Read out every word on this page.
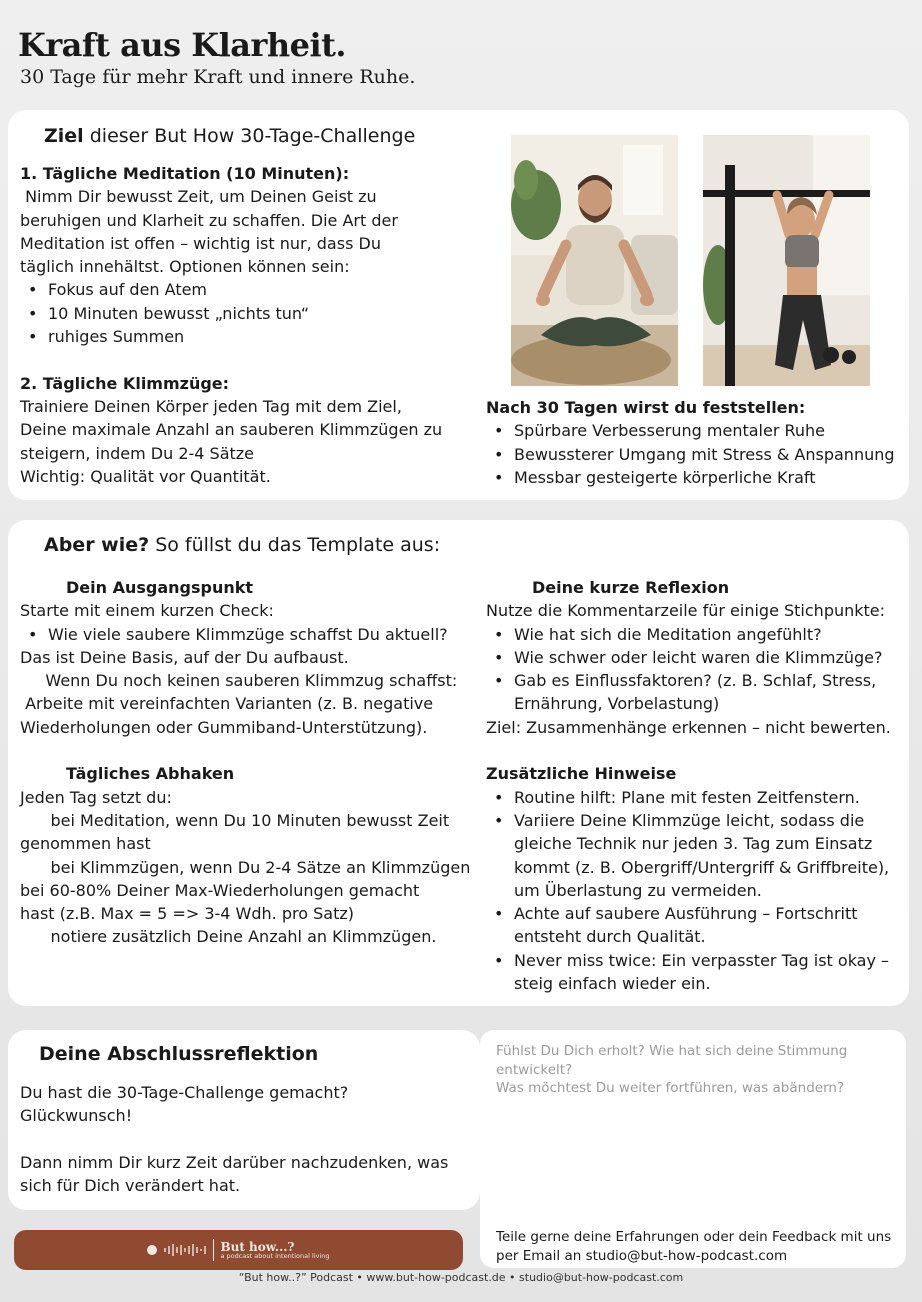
Kraft aus Klarheit.
30 Tage für mehr Kraft und innere Ruhe.
Ziel dieser But How 30-Tage-Challenge
1. Tägliche Meditation (10 Minuten):
Nimm Dir bewusst Zeit, um Deinen Geist zu
beruhigen und Klarheit zu schaffen. Die Art der
Meditation ist offen – wichtig ist nur, dass Du
täglich innehältst. Optionen können sein:
• Fokus auf den Atem
• 10 Minuten bewusst „nichts tun“
• ruhiges Summen
2. Tägliche Klimmzüge:
Trainiere Deinen Körper jeden Tag mit dem Ziel,
Deine maximale Anzahl an sauberen Klimmzügen zu
steigern, indem Du 2-4 Sätze
Wichtig: Qualität vor Quantität.
Nach 30 Tagen wirst du feststellen:
• Spürbare Verbesserung mentaler Ruhe
• Bewussterer Umgang mit Stress & Anspannung
• Messbar gesteigerte körperliche Kraft
Aber wie? So füllst du das Template aus:
Dein Ausgangspunkt
Starte mit einem kurzen Check:
• Wie viele saubere Klimmzüge schaffst Du aktuell?
Das ist Deine Basis, auf der Du aufbaust.
Wenn Du noch keinen sauberen Klimmzug schaffst:
Arbeite mit vereinfachten Varianten (z. B. negative
Wiederholungen oder Gummiband-Unterstützung).
Tägliches Abhaken
Jeden Tag setzt du:
bei Meditation, wenn Du 10 Minuten bewusst Zeit
genommen hast
bei Klimmzügen, wenn Du 2-4 Sätze an Klimmzügen
bei 60-80% Deiner Max-Wiederholungen gemacht
hast (z.B. Max = 5 => 3-4 Wdh. pro Satz)
notiere zusätzlich Deine Anzahl an Klimmzügen.
Deine kurze Reflexion
Nutze die Kommentarzeile für einige Stichpunkte:
• Wie hat sich die Meditation angefühlt?
• Wie schwer oder leicht waren die Klimmzüge?
• Gab es Einflussfaktoren? (z. B. Schlaf, Stress, Ernährung, Vorbelastung)
Ziel: Zusammenhänge erkennen – nicht bewerten.
Zusätzliche Hinweise
• Routine hilft: Plane mit festen Zeitfenstern.
• Variiere Deine Klimmzüge leicht, sodass die gleiche Technik nur jeden 3. Tag zum Einsatz kommt (z. B. Obergriff/Untergriff & Griffbreite), um Überlastung zu vermeiden.
• Achte auf saubere Ausführung – Fortschritt entsteht durch Qualität.
• Never miss twice: Ein verpasster Tag ist okay – steig einfach wieder ein.
Deine Abschlussreflektion
Du hast die 30-Tage-Challenge gemacht?
Glückwunsch!
Dann nimm Dir kurz Zeit darüber nachzudenken, was
sich für Dich verändert hat.
Fühlst Du Dich erholt? Wie hat sich deine Stimmung
entwickelt?
Was möchtest Du weiter fortführen, was abändern?
Teile gerne deine Erfahrungen oder dein Feedback mit uns
per Email an studio@but-how-podcast.com
But how...?
a podcast about intentional living
“But how..?” Podcast • www.but-how-podcast.de • studio@but-how-podcast.com
